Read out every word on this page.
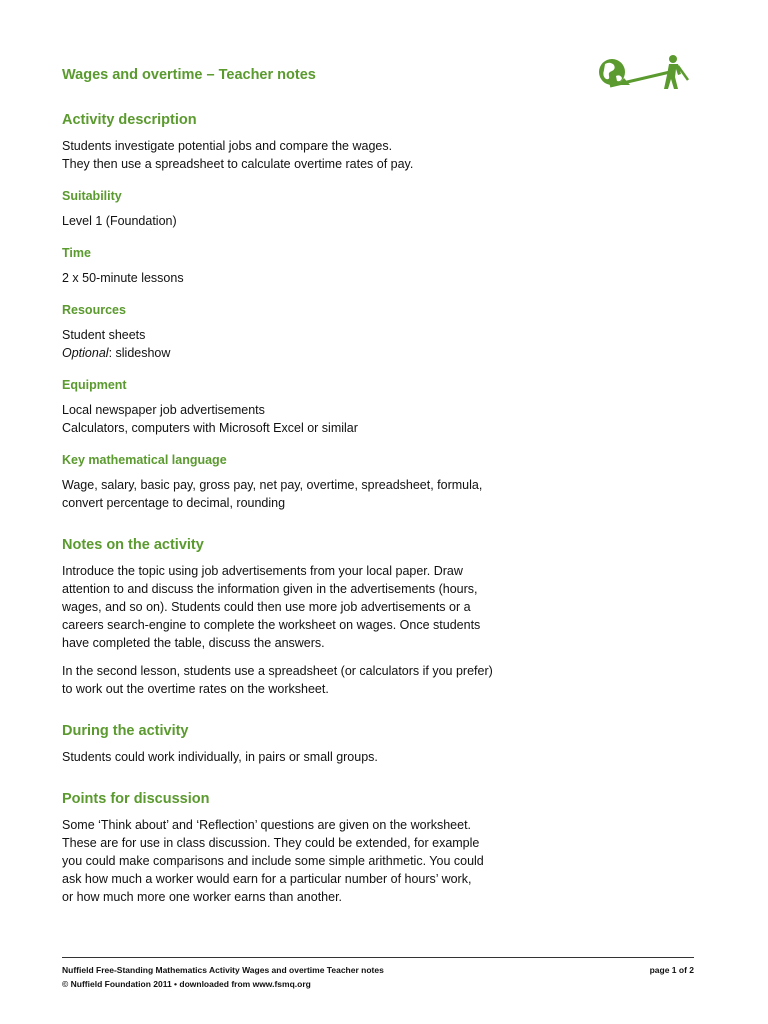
Wages and overtime – Teacher notes
Activity description

Students investigate potential jobs and compare the wages.
They then use a spreadsheet to calculate overtime rates of pay.

Suitability

Level 1 (Foundation)

Time

2 x 50-minute lessons

Resources

Student sheets
Optional: slideshow

Equipment

Local newspaper job advertisements
Calculators, computers with Microsoft Excel or similar

Key mathematical language

Wage, salary, basic pay, gross pay, net pay, overtime, spreadsheet, formula,
convert percentage to decimal, rounding

Notes on the activity

Introduce the topic using job advertisements from your local paper. Draw
attention to and discuss the information given in the advertisements (hours,
wages, and so on). Students could then use more job advertisements or a
careers search-engine to complete the worksheet on wages. Once students
have completed the table, discuss the answers.

In the second lesson, students use a spreadsheet (or calculators if you prefer)
to work out the overtime rates on the worksheet.

During the activity

Students could work individually, in pairs or small groups.

Points for discussion

Some ‘Think about’ and ‘Reflection’ questions are given on the worksheet.
These are for use in class discussion. They could be extended, for example
you could make comparisons and include some simple arithmetic. You could
ask how much a worker would earn for a particular number of hours’ work,
or how much more one worker earns than another.

Nuffield Free-Standing Mathematics Activity Wages and overtime Teacher notes	page 1 of 2
© Nuffield Foundation 2011 • downloaded from www.fsmq.org
